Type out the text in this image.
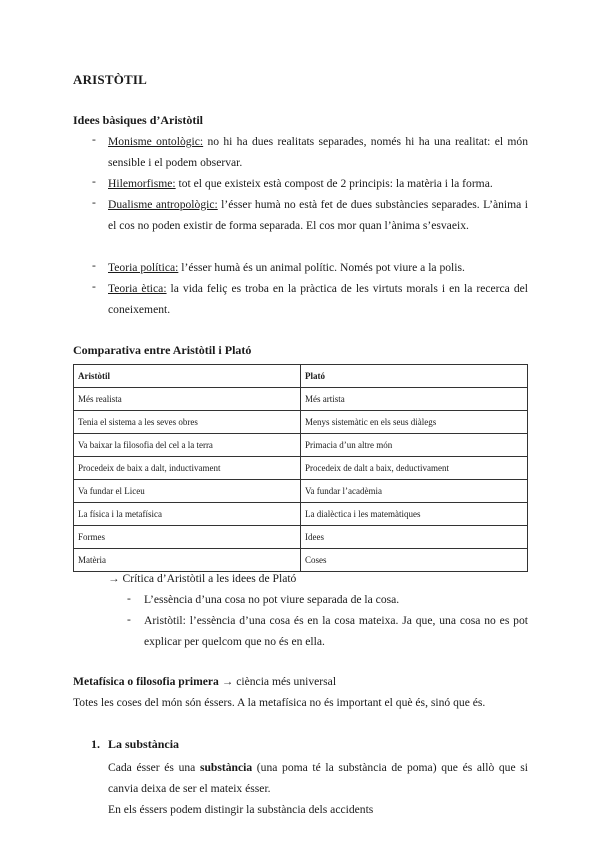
ARISTÒTIL
Idees bàsiques d’Aristòtil
- Monisme ontològic: no hi ha dues realitats separades, només hi ha una realitat: el món sensible i el podem observar.
- Hilemorfisme: tot el que existeix està compost de 2 principis: la matèria i la forma.
- Dualisme antropològic: l’ésser humà no està fet de dues substàncies separades. L’ànima i el cos no poden existir de forma separada. El cos mor quan l’ànima s’esvaeix.
- Teoria política: l’ésser humà és un animal polític. Només pot viure a la polis.
- Teoria ètica: la vida feliç es troba en la pràctica de les virtuts morals i en la recerca del coneixement.
Comparativa entre Aristòtil i Plató
Aristòtil	Plató
Més realista	Més artista
Tenia el sistema a les seves obres	Menys sistemàtic en els seus diàlegs
Va baixar la filosofia del cel a la terra	Primacia d’un altre món
Procedeix de baix a dalt, inductivament	Procedeix de dalt a baix, deductivament
Va fundar el Liceu	Va fundar l’acadèmia
La física i la metafísica	La dialèctica i les matemàtiques
Formes	Idees
Matèria	Coses
→ Crítica d’Aristòtil a les idees de Plató
- L’essència d’una cosa no pot viure separada de la cosa.
- Aristòtil: l’essència d’una cosa és en la cosa mateixa. Ja que, una cosa no es pot explicar per quelcom que no és en ella.
Metafísica o filosofia primera → ciència més universal
Totes les coses del món són éssers. A la metafísica no és important el què és, sinó que és.
1. La substància
Cada ésser és una substància (una poma té la substància de poma) que és allò que si canvia deixa de ser el mateix ésser.
En els éssers podem distingir la substància dels accidents
